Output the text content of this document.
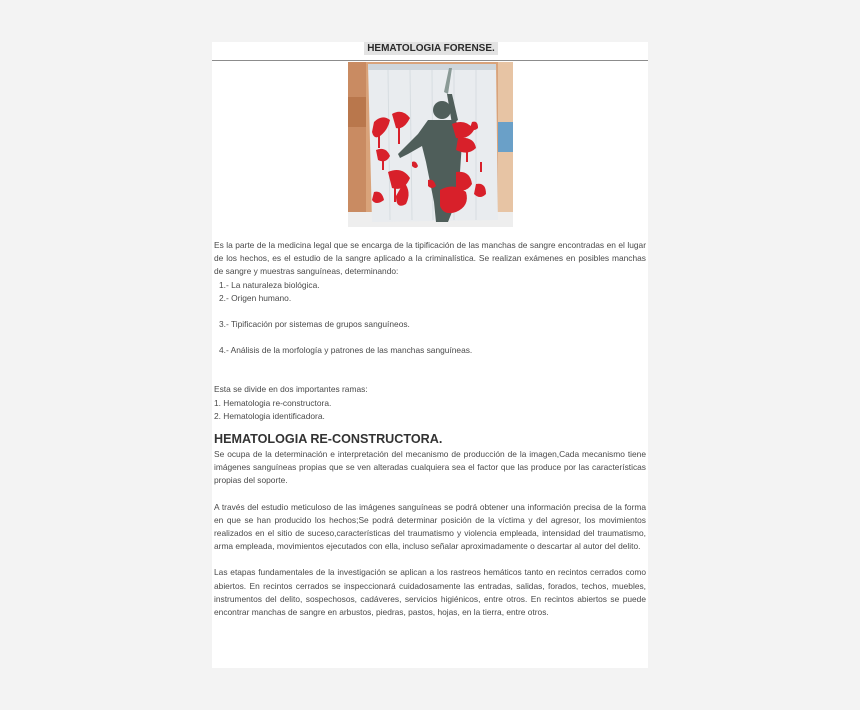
HEMATOLOGIA FORENSE.

Es la parte de la medicina legal que se encarga de la tipificación de las manchas de sangre encontradas en el lugar de los hechos, es el estudio de la sangre aplicado a la criminalística. Se realizan exámenes en posibles manchas de sangre y muestras sanguíneas, determinando:

1.- La naturaleza biológica.

2.- Origen humano.

3.- Tipificación por sistemas de grupos sanguíneos.

4.- Análisis de la morfología y patrones de las manchas sanguíneas.

Esta se divide en dos importantes ramas:

1. Hematologia re-constructora.

2. Hematologia identificadora.

HEMATOLOGIA RE-CONSTRUCTORA.

Se ocupa de la determinación e interpretación del mecanismo de producción de la imagen,Cada mecanismo tiene imágenes sanguíneas propias que se ven alteradas cualquiera sea el factor que las produce por las características propias del soporte.

A través del estudio meticuloso de las imágenes sanguíneas se podrá obtener una información precisa de la forma en que se han producido los hechos;Se podrá determinar posición de la víctima y del agresor, los movimientos realizados en el sitio de suceso,características del traumatismo y violencia empleada, intensidad del traumatismo, arma empleada, movimientos ejecutados con ella, incluso señalar aproximadamente o descartar al autor del delito.

Las etapas fundamentales de la investigación se aplican a los rastreos hemáticos tanto en recintos cerrados como abiertos. En recintos cerrados se inspeccionará cuidadosamente las entradas, salidas, forados, techos, muebles, instrumentos del delito, sospechosos, cadáveres, servicios higiénicos, entre otros. En recintos abiertos se puede encontrar manchas de sangre en arbustos, piedras, pastos, hojas, en la tierra, entre otros.
